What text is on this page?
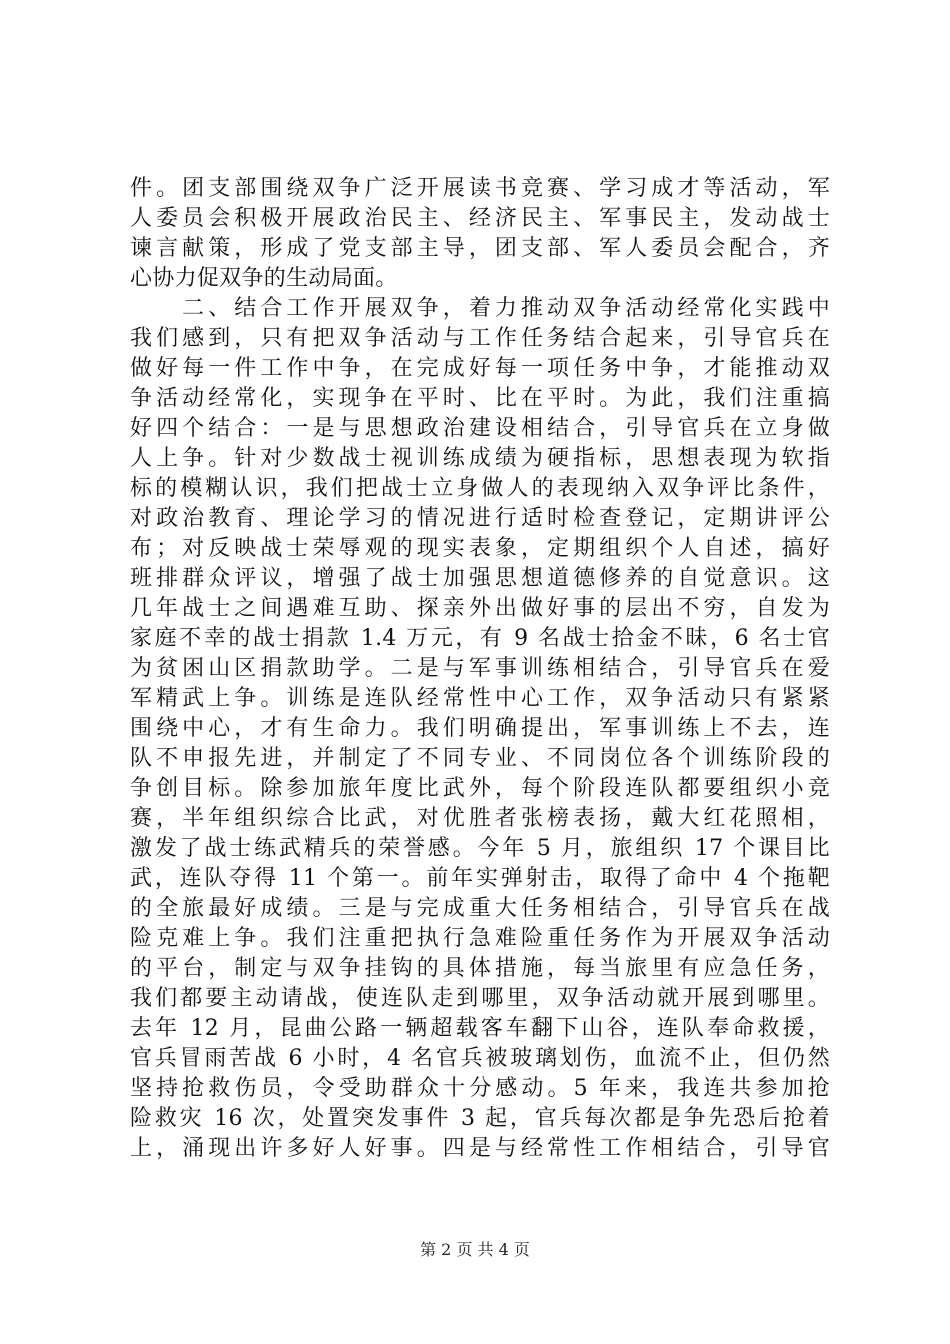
件。团支部围绕双争广泛开展读书竞赛、学习成才等活动，军
人委员会积极开展政治民主、经济民主、军事民主，发动战士
谏言献策，形成了党支部主导，团支部、军人委员会配合，齐
心协力促双争的生动局面。
　　二、结合工作开展双争，着力推动双争活动经常化实践中
我们感到，只有把双争活动与工作任务结合起来，引导官兵在
做好每一件工作中争，在完成好每一项任务中争，才能推动双
争活动经常化，实现争在平时、比在平时。为此，我们注重搞
好四个结合：一是与思想政治建设相结合，引导官兵在立身做
人上争。针对少数战士视训练成绩为硬指标，思想表现为软指
标的模糊认识，我们把战士立身做人的表现纳入双争评比条件，
对政治教育、理论学习的情况进行适时检查登记，定期讲评公
布；对反映战士荣辱观的现实表象，定期组织个人自述，搞好
班排群众评议，增强了战士加强思想道德修养的自觉意识。这
几年战士之间遇难互助、探亲外出做好事的层出不穷，自发为
家庭不幸的战士捐款 1.4 万元，有 9 名战士拾金不昧，6 名士官
为贫困山区捐款助学。二是与军事训练相结合，引导官兵在爱
军精武上争。训练是连队经常性中心工作，双争活动只有紧紧
围绕中心，才有生命力。我们明确提出，军事训练上不去，连
队不申报先进，并制定了不同专业、不同岗位各个训练阶段的
争创目标。除参加旅年度比武外，每个阶段连队都要组织小竞
赛，半年组织综合比武，对优胜者张榜表扬，戴大红花照相，
激发了战士练武精兵的荣誉感。今年 5 月，旅组织 17 个课目比
武，连队夺得 11 个第一。前年实弹射击，取得了命中 4 个拖靶
的全旅最好成绩。三是与完成重大任务相结合，引导官兵在战
险克难上争。我们注重把执行急难险重任务作为开展双争活动
的平台，制定与双争挂钩的具体措施，每当旅里有应急任务，
我们都要主动请战，使连队走到哪里，双争活动就开展到哪里。
去年 12 月，昆曲公路一辆超载客车翻下山谷，连队奉命救援，
官兵冒雨苦战 6 小时，4 名官兵被玻璃划伤，血流不止，但仍然
坚持抢救伤员，令受助群众十分感动。5 年来，我连共参加抢
险救灾 16 次，处置突发事件 3 起，官兵每次都是争先恐后抢着
上，涌现出许多好人好事。四是与经常性工作相结合，引导官
第 2 页 共 4 页
